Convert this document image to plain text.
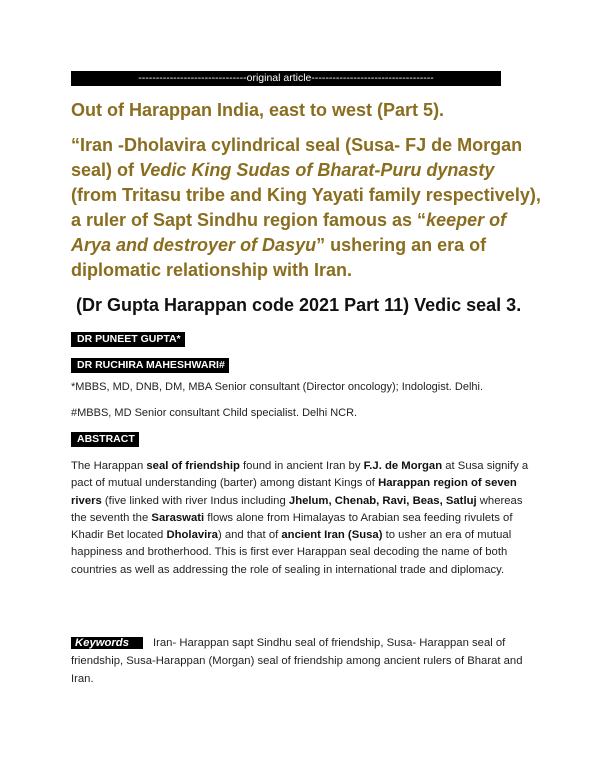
-------------------------------original article-----------------------------------
Out of Harappan India, east to west (Part 5).
“Iran -Dholavira cylindrical seal (Susa- FJ de Morgan seal) of Vedic King Sudas of Bharat-Puru dynasty (from Tritasu tribe and King Yayati family respectively), a ruler of Sapt Sindhu region famous as “keeper of Arya and destroyer of Dasyu” ushering an era of diplomatic relationship with Iran.
(Dr Gupta Harappan code 2021 Part 11) Vedic seal 3.
DR PUNEET GUPTA*
DR RUCHIRA MAHESHWARI#
*MBBS, MD, DNB, DM, MBA Senior consultant (Director oncology); Indologist. Delhi.
#MBBS, MD Senior consultant Child specialist. Delhi NCR.
ABSTRACT
The Harappan seal of friendship found in ancient Iran by F.J. de Morgan at Susa signify a pact of mutual understanding (barter) among distant Kings of Harappan region of seven rivers (five linked with river Indus including Jhelum, Chenab, Ravi, Beas, Satluj whereas the seventh the Saraswati flows alone from Himalayas to Arabian sea feeding rivulets of Khadir Bet located Dholavira) and that of ancient Iran (Susa) to usher an era of mutual happiness and brotherhood. This is first ever Harappan seal decoding the name of both countries as well as addressing the role of sealing in international trade and diplomacy.
Keywords Iran- Harappan sapt Sindhu seal of friendship, Susa- Harappan seal of friendship, Susa-Harappan (Morgan) seal of friendship among ancient rulers of Bharat and Iran.
